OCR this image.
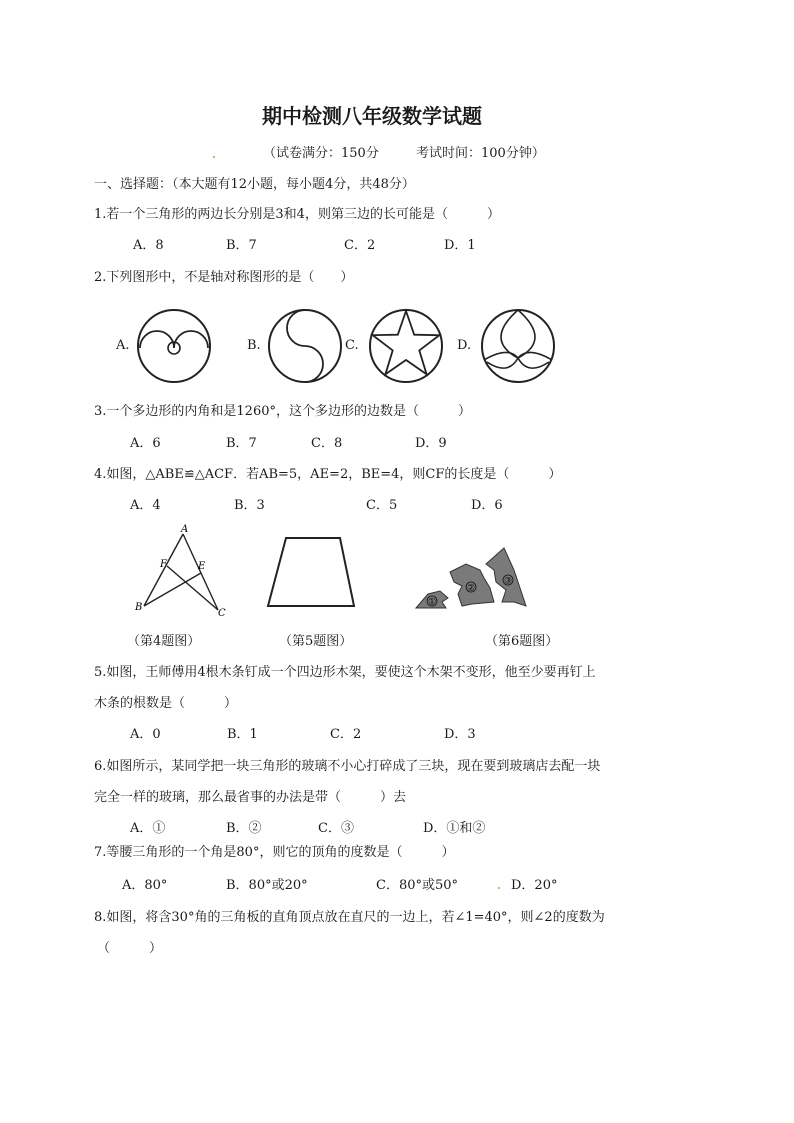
期中检测八年级数学试题
（试卷满分：150分	考试时间：100分钟）
一、选择题：（本大题有12小题，每小题4分，共48分）
1.若一个三角形的两边长分别是3和4，则第三边的长可能是（　　　）
A．8	B．7	C．2	D．1
2.下列图形中，不是轴对称图形的是（　　）
A.	B.	C.	D.
3.一个多边形的内角和是1260°，这个多边形的边数是（　　　）
A．6	B．7	C．8	D．9
4.如图，△ABE≌△ACF．若AB=5，AE=2，BE=4，则CF的长度是（　　　）
A．4	B．3	C．5	D．6
A
F	E
B
C
①
②
③
（第4题图）	（第5题图）	（第6题图）
5.如图，王师傅用4根木条钉成一个四边形木架，要使这个木架不变形，他至少要再钉上
木条的根数是（　　　）
A．0	B．1	C．2	D．3
6.如图所示，某同学把一块三角形的玻璃不小心打碎成了三块，现在要到玻璃店去配一块
完全一样的玻璃，那么最省事的办法是带（　　　）去
A．①	B．②	C．③	D．①和②
7.等腰三角形的一个角是80°，则它的顶角的度数是（　　　）
A．80°	B．80°或20°	C．80°或50°	D．20°
8.如图，将含30°角的三角板的直角顶点放在直尺的一边上，若∠1=40°，则∠2的度数为
（　　　）
